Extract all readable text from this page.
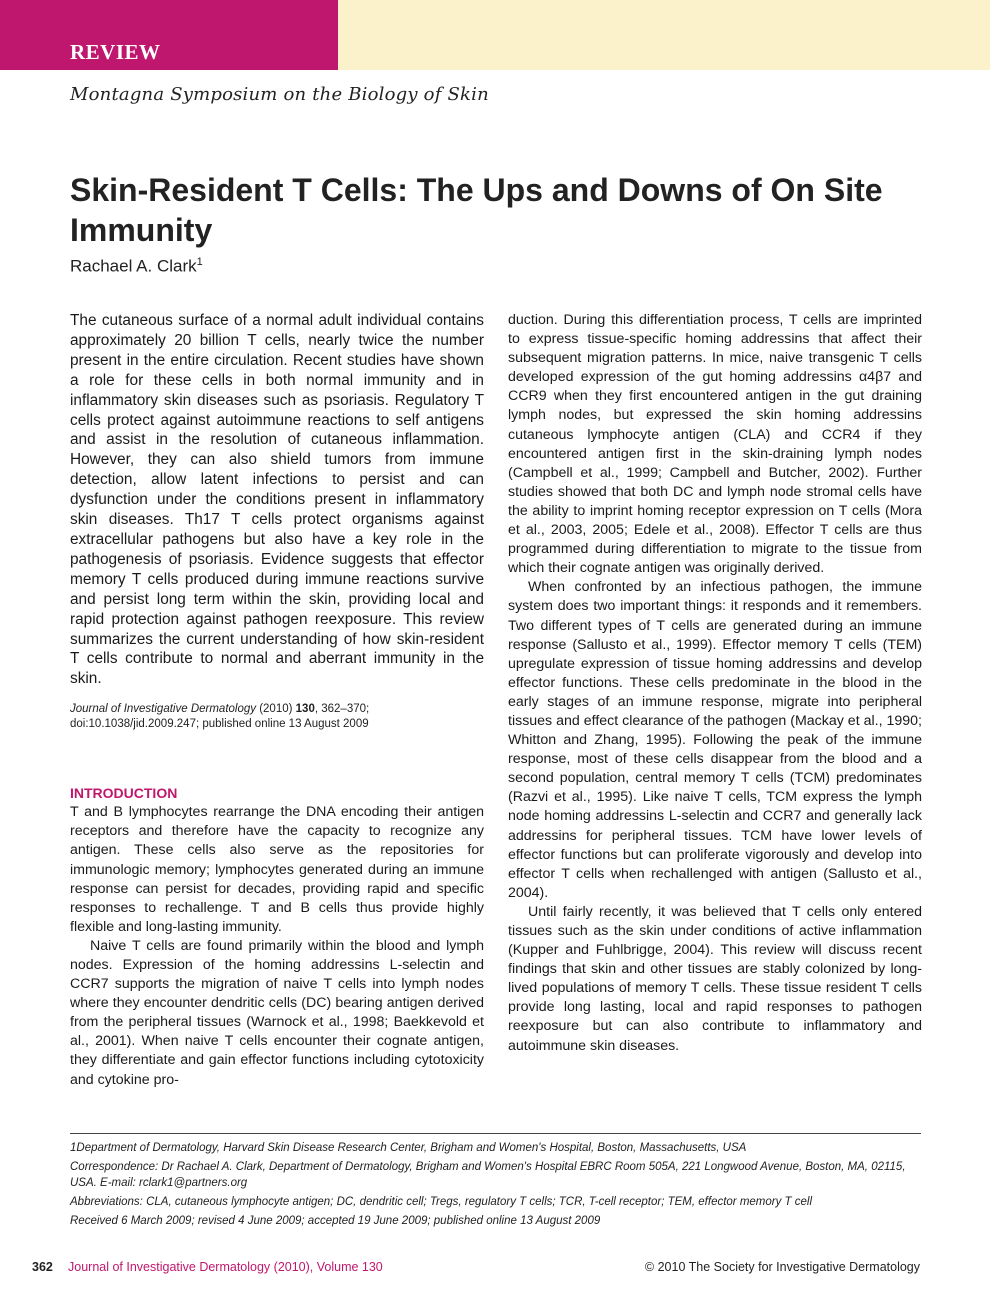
REVIEW
Montagna Symposium on the Biology of Skin
Skin-Resident T Cells: The Ups and Downs of On Site Immunity
Rachael A. Clark$^1$

The cutaneous surface of a normal adult individual contains approximately 20 billion T cells, nearly twice the number present in the entire circulation. Recent studies have shown a role for these cells in both normal immunity and in inflammatory skin diseases such as psoriasis. Regulatory T cells protect against autoimmune reactions to self antigens and assist in the resolution of cutaneous inflammation. However, they can also shield tumors from immune detection, allow latent infections to persist and can dysfunction under the conditions present in inflammatory skin diseases. Th17 T cells protect organisms against extracellular pathogens but also have a key role in the pathogenesis of psoriasis. Evidence suggests that effector memory T cells produced during immune reactions survive and persist long term within the skin, providing local and rapid protection against pathogen reexposure. This review summarizes the current understanding of how skin-resident T cells contribute to normal and aberrant immunity in the skin.

Journal of Investigative Dermatology (2010) 130, 362–370;
doi:10.1038/jid.2009.247; published online 13 August 2009

INTRODUCTION

T and B lymphocytes rearrange the DNA encoding their antigen receptors and therefore have the capacity to recognize any antigen. These cells also serve as the repositories for immunologic memory; lymphocytes generated during an immune response can persist for decades, providing rapid and specific responses to rechallenge. T and B cells thus provide highly flexible and long-lasting immunity.

Naive T cells are found primarily within the blood and lymph nodes. Expression of the homing addressins L-selectin and CCR7 supports the migration of naive T cells into lymph nodes where they encounter dendritic cells (DC) bearing antigen derived from the peripheral tissues (Warnock et al., 1998; Baekkevold et al., 2001). When naive T cells encounter their cognate antigen, they differentiate and gain effector functions including cytotoxicity and cytokine pro-

duction. During this differentiation process, T cells are imprinted to express tissue-specific homing addressins that affect their subsequent migration patterns. In mice, naive transgenic T cells developed expression of the gut homing addressins α4β7 and CCR9 when they first encountered antigen in the gut draining lymph nodes, but expressed the skin homing addressins cutaneous lymphocyte antigen (CLA) and CCR4 if they encountered antigen first in the skin-draining lymph nodes (Campbell et al., 1999; Campbell and Butcher, 2002). Further studies showed that both DC and lymph node stromal cells have the ability to imprint homing receptor expression on T cells (Mora et al., 2003, 2005; Edele et al., 2008). Effector T cells are thus programmed during differentiation to migrate to the tissue from which their cognate antigen was originally derived.

When confronted by an infectious pathogen, the immune system does two important things: it responds and it remembers. Two different types of T cells are generated during an immune response (Sallusto et al., 1999). Effector memory T cells (TEM) upregulate expression of tissue homing addressins and develop effector functions. These cells predominate in the blood in the early stages of an immune response, migrate into peripheral tissues and effect clearance of the pathogen (Mackay et al., 1990; Whitton and Zhang, 1995). Following the peak of the immune response, most of these cells disappear from the blood and a second population, central memory T cells (TCM) predominates (Razvi et al., 1995). Like naive T cells, TCM express the lymph node homing addressins L-selectin and CCR7 and generally lack addressins for peripheral tissues. TCM have lower levels of effector functions but can proliferate vigorously and develop into effector T cells when rechallenged with antigen (Sallusto et al., 2004).

Until fairly recently, it was believed that T cells only entered tissues such as the skin under conditions of active inflammation (Kupper and Fuhlbrigge, 2004). This review will discuss recent findings that skin and other tissues are stably colonized by long-lived populations of memory T cells. These tissue resident T cells provide long lasting, local and rapid responses to pathogen reexposure but can also contribute to inflammatory and autoimmune skin diseases.

1Department of Dermatology, Harvard Skin Disease Research Center, Brigham and Women's Hospital, Boston, Massachusetts, USA

Correspondence: Dr Rachael A. Clark, Department of Dermatology, Brigham and Women's Hospital EBRC Room 505A, 221 Longwood Avenue, Boston, MA, 02115, USA. E-mail: rclark1@partners.org

Abbreviations: CLA, cutaneous lymphocyte antigen; DC, dendritic cell; Tregs, regulatory T cells; TCR, T-cell receptor; TEM, effector memory T cell

Received 6 March 2009; revised 4 June 2009; accepted 19 June 2009; published online 13 August 2009

362 Journal of Investigative Dermatology (2010), Volume 130	© 2010 The Society for Investigative Dermatology
